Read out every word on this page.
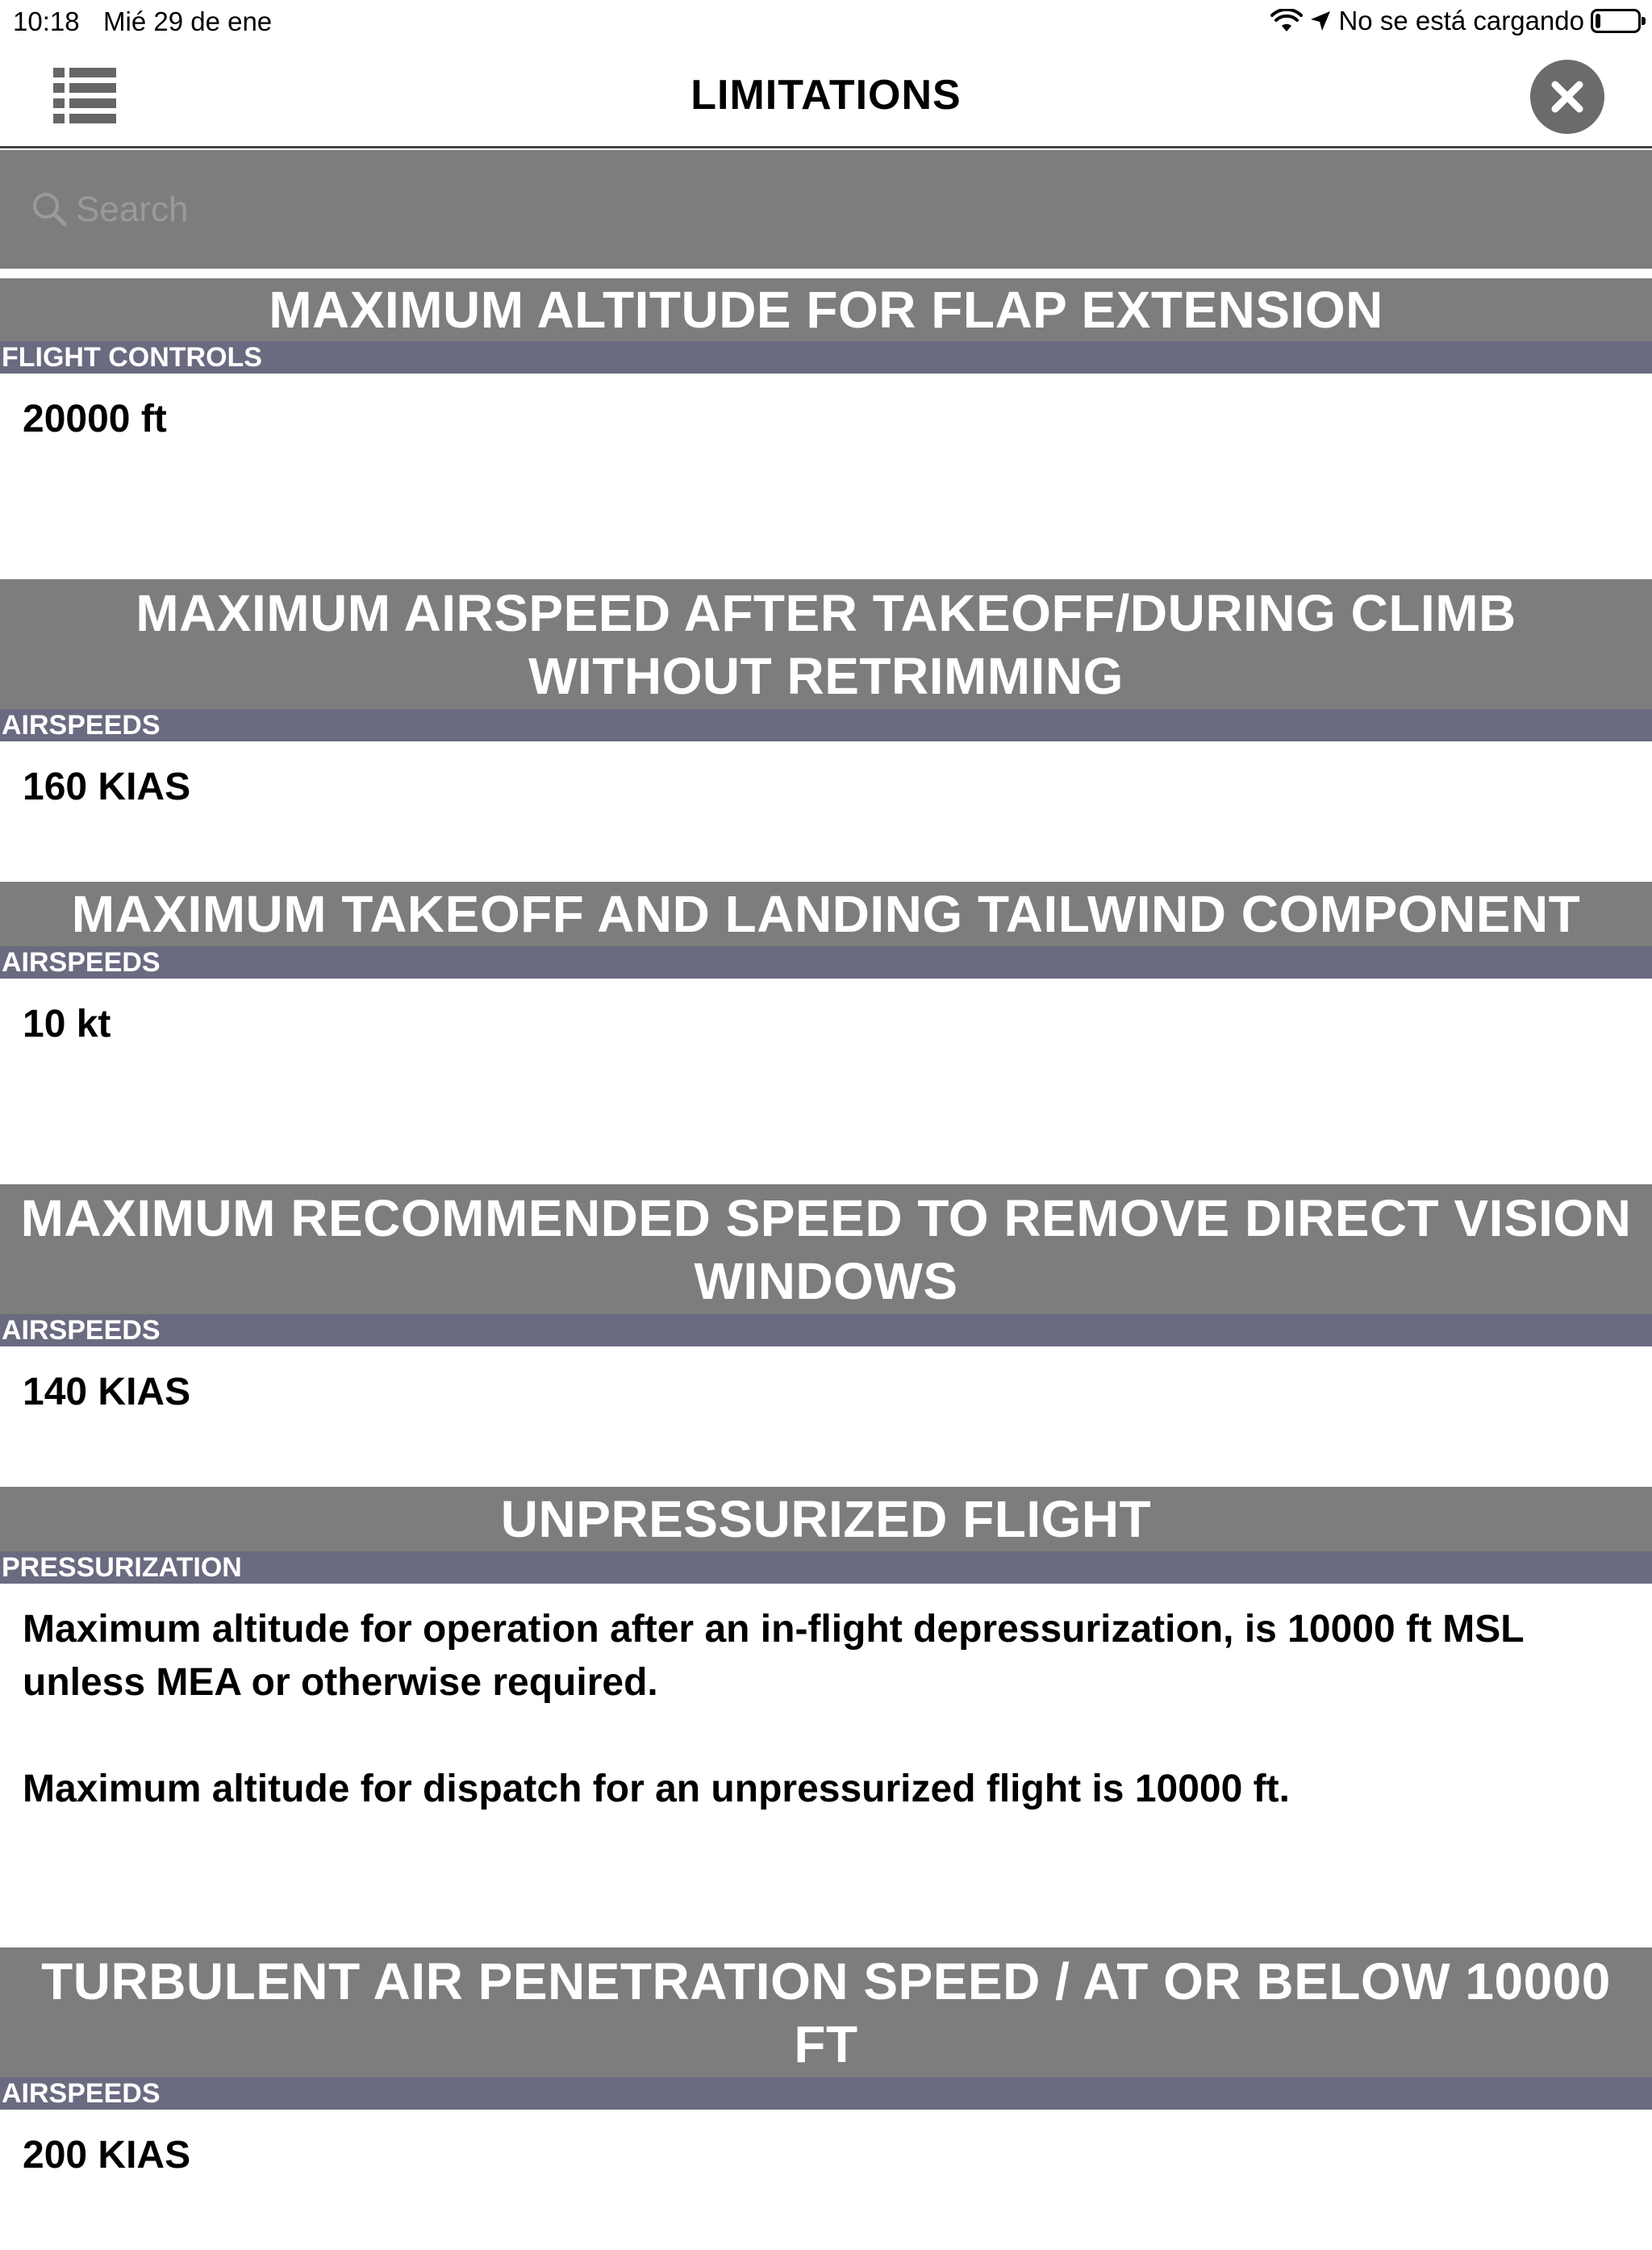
10:18 Mié 29 de ene	No se está cargando
LIMITATIONS
Search
MAXIMUM ALTITUDE FOR FLAP EXTENSION
FLIGHT CONTROLS
20000 ft
MAXIMUM AIRSPEED AFTER TAKEOFF/DURING CLIMB WITHOUT RETRIMMING
AIRSPEEDS
160 KIAS
MAXIMUM TAKEOFF AND LANDING TAILWIND COMPONENT
AIRSPEEDS
10 kt
MAXIMUM RECOMMENDED SPEED TO REMOVE DIRECT VISION WINDOWS
AIRSPEEDS
140 KIAS
UNPRESSURIZED FLIGHT
PRESSURIZATION
Maximum altitude for operation after an in-flight depressurization, is 10000 ft MSL unless MEA or otherwise required.

Maximum altitude for dispatch for an unpressurized flight is 10000 ft.
TURBULENT AIR PENETRATION SPEED / AT OR BELOW 10000 FT
AIRSPEEDS
200 KIAS
